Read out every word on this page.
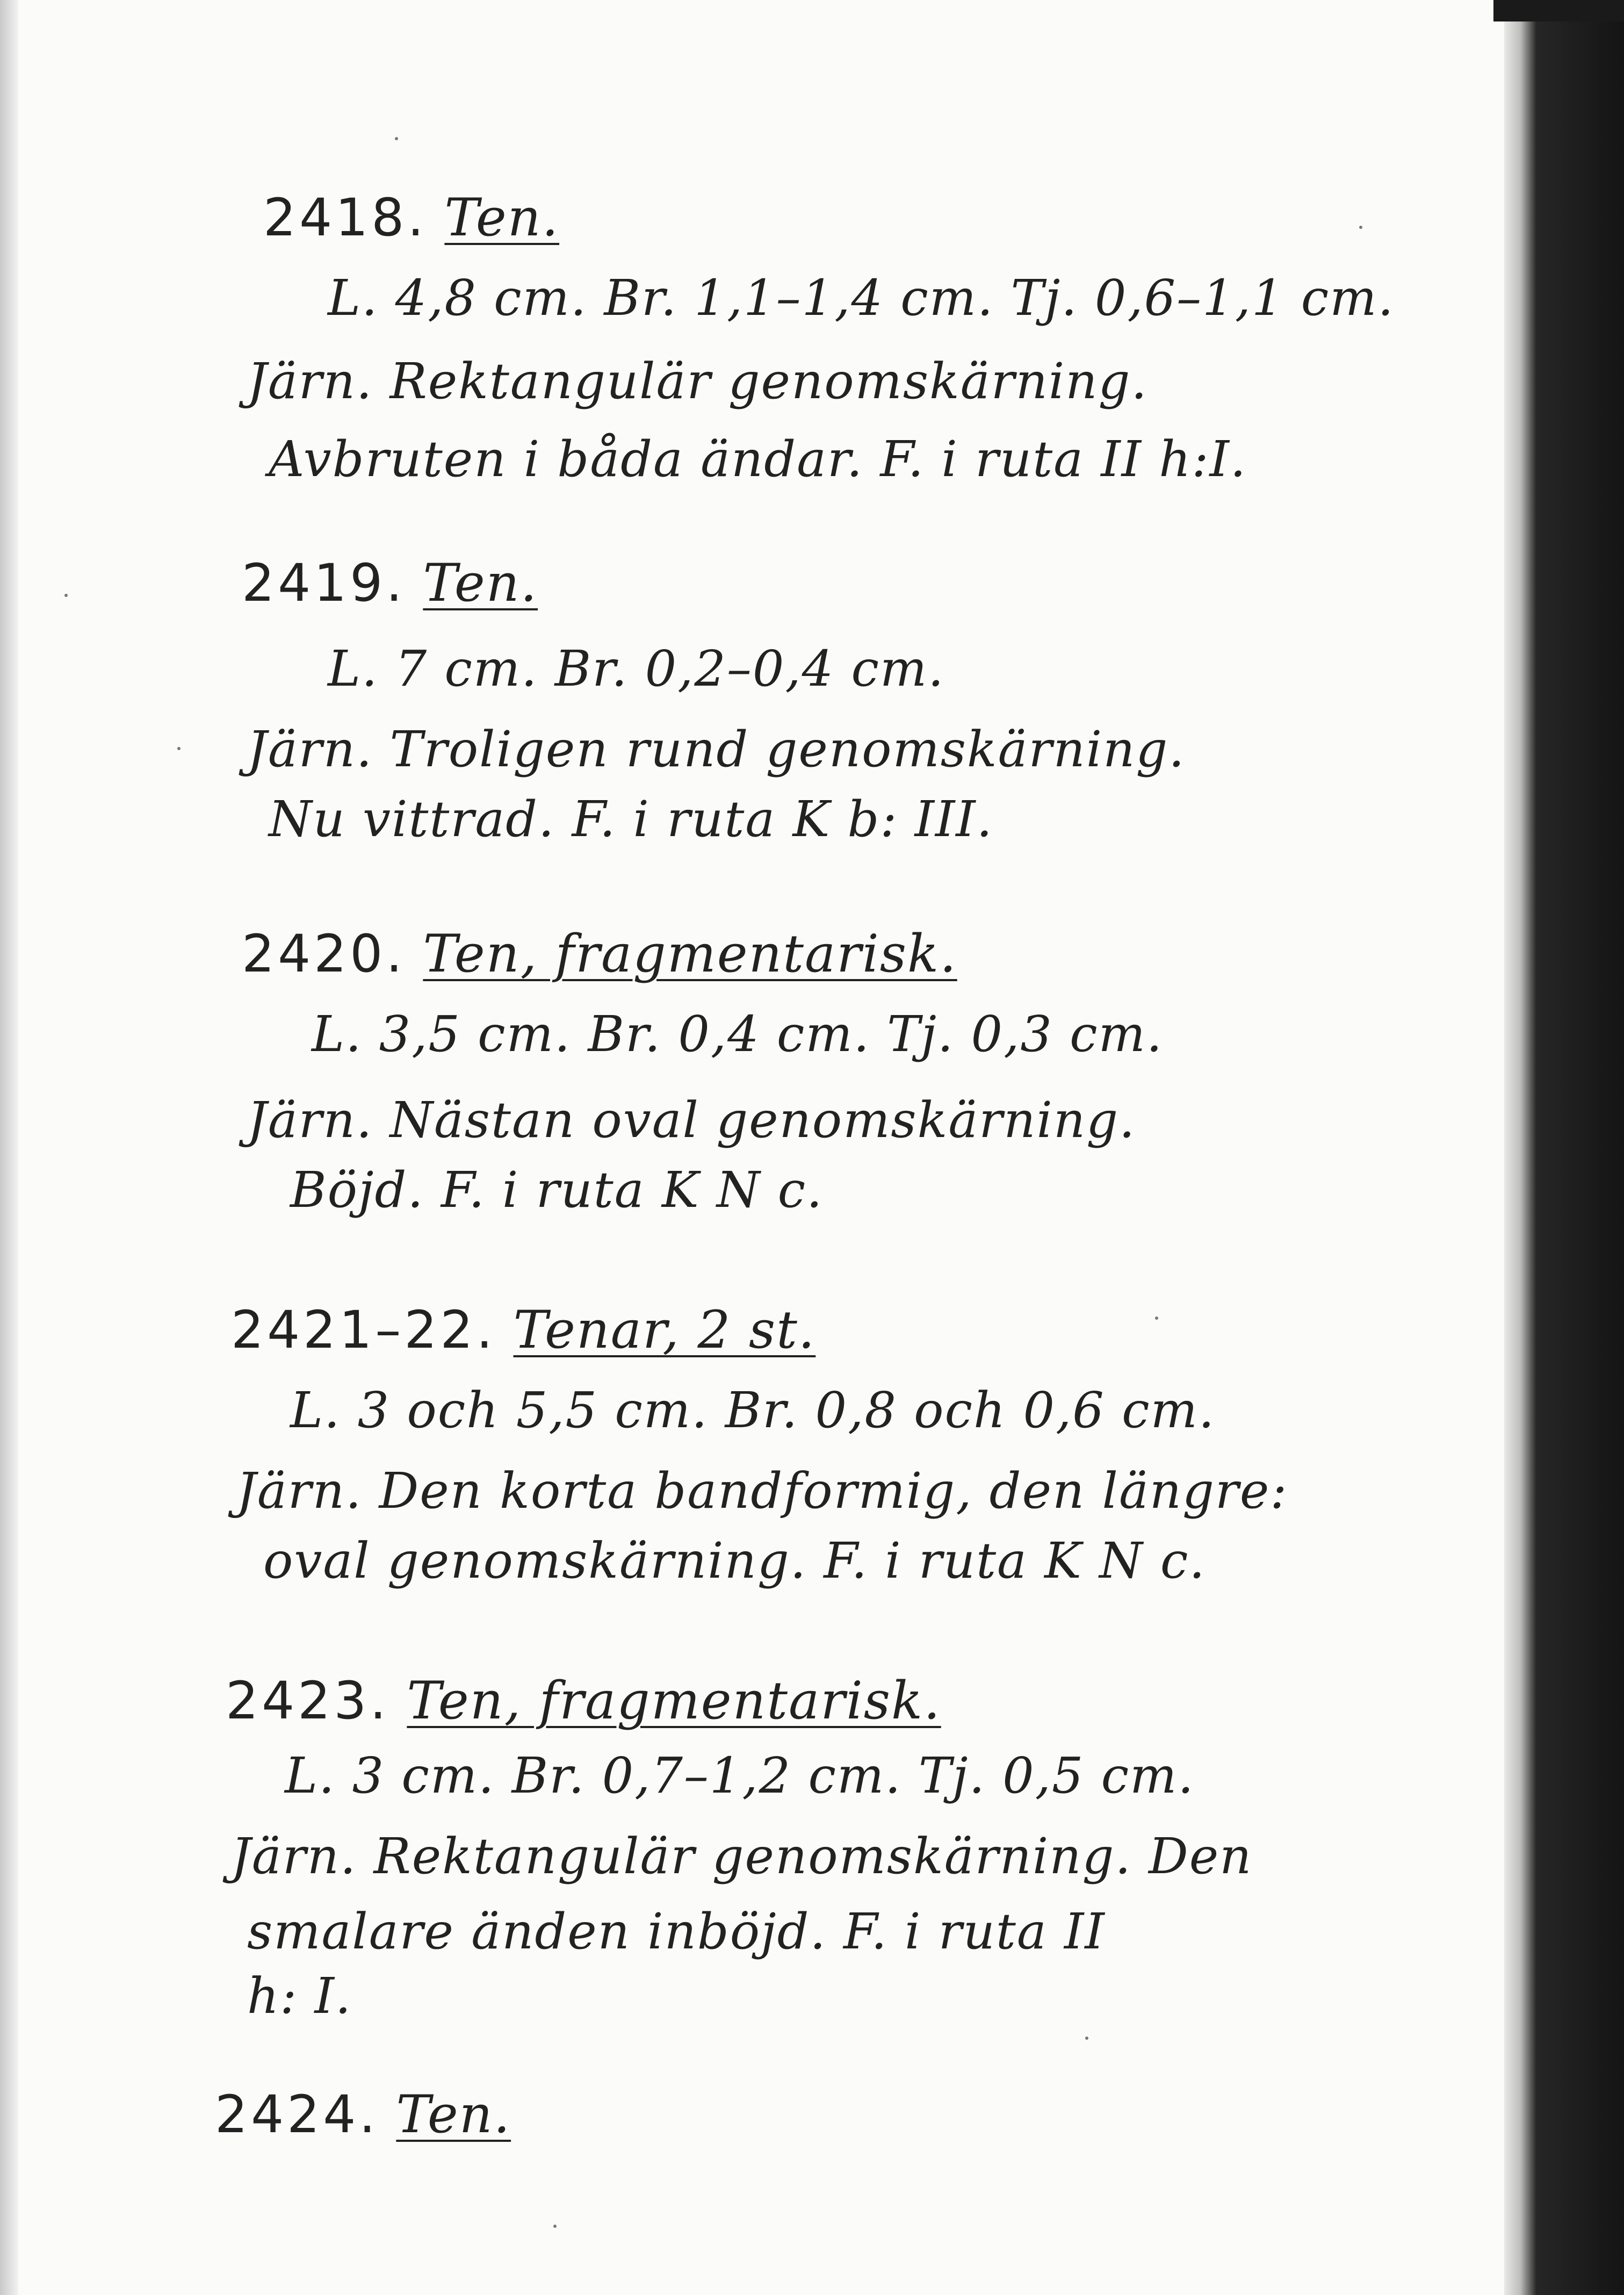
2418. Ten.
L. 4,8 cm. Br. 1,1–1,4 cm. Tj. 0,6–1,1 cm.
Järn. Rektangulär genomskärning.
Avbruten i båda ändar. F. i ruta II h:I.
2419. Ten.
L. 7 cm. Br. 0,2–0,4 cm.
Järn. Troligen rund genomskärning.
Nu vittrad. F. i ruta K b: III.
2420. Ten, fragmentarisk.
L. 3,5 cm. Br. 0,4 cm. Tj. 0,3 cm.
Järn. Nästan oval genomskärning.
Böjd. F. i ruta K N c.
2421–22. Tenar, 2 st.
L. 3 och 5,5 cm. Br. 0,8 och 0,6 cm.
Järn. Den korta bandformig, den längre:
oval genomskärning. F. i ruta K N c.
2423. Ten, fragmentarisk.
L. 3 cm. Br. 0,7–1,2 cm. Tj. 0,5 cm.
Järn. Rektangulär genomskärning. Den
smalare änden inböjd. F. i ruta II
h: I.
2424. Ten.
